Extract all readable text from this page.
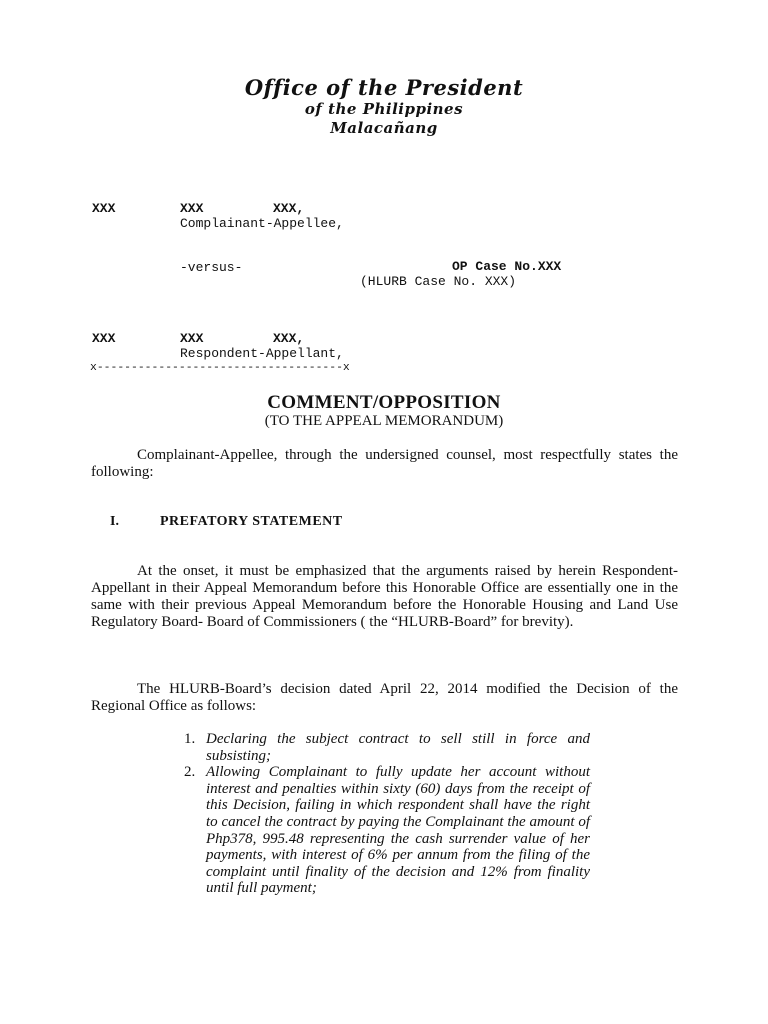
Office of the President
of the Philippines
Malacañang
XXX	XXX	XXX,
Complainant-Appellee,
-versus-	OP Case No.XXX
(HLURB Case No. XXX)
XXX	XXX	XXX,
Respondent-Appellant,
x------------------------------------x
COMMENT/OPPOSITION
(TO THE APPEAL MEMORANDUM)
Complainant-Appellee, through the undersigned counsel, most respectfully states the following:
I.	PREFATORY STATEMENT
At the onset, it must be emphasized that the arguments raised by herein Respondent-Appellant in their Appeal Memorandum before this Honorable Office are essentially one in the same with their previous Appeal Memorandum before the Honorable Housing and Land Use Regulatory Board- Board of Commissioners ( the “HLURB-Board” for brevity).
The HLURB-Board’s decision dated April 22, 2014 modified the Decision of the Regional Office as follows:
1. Declaring the subject contract to sell still in force and subsisting;
2. Allowing Complainant to fully update her account without interest and penalties within sixty (60) days from the receipt of this Decision, failing in which respondent shall have the right to cancel the contract by paying the Complainant the amount of Php378, 995.48 representing the cash surrender value of her payments, with interest of 6% per annum from the filing of the complaint until finality of the decision and 12% from finality until full payment;
